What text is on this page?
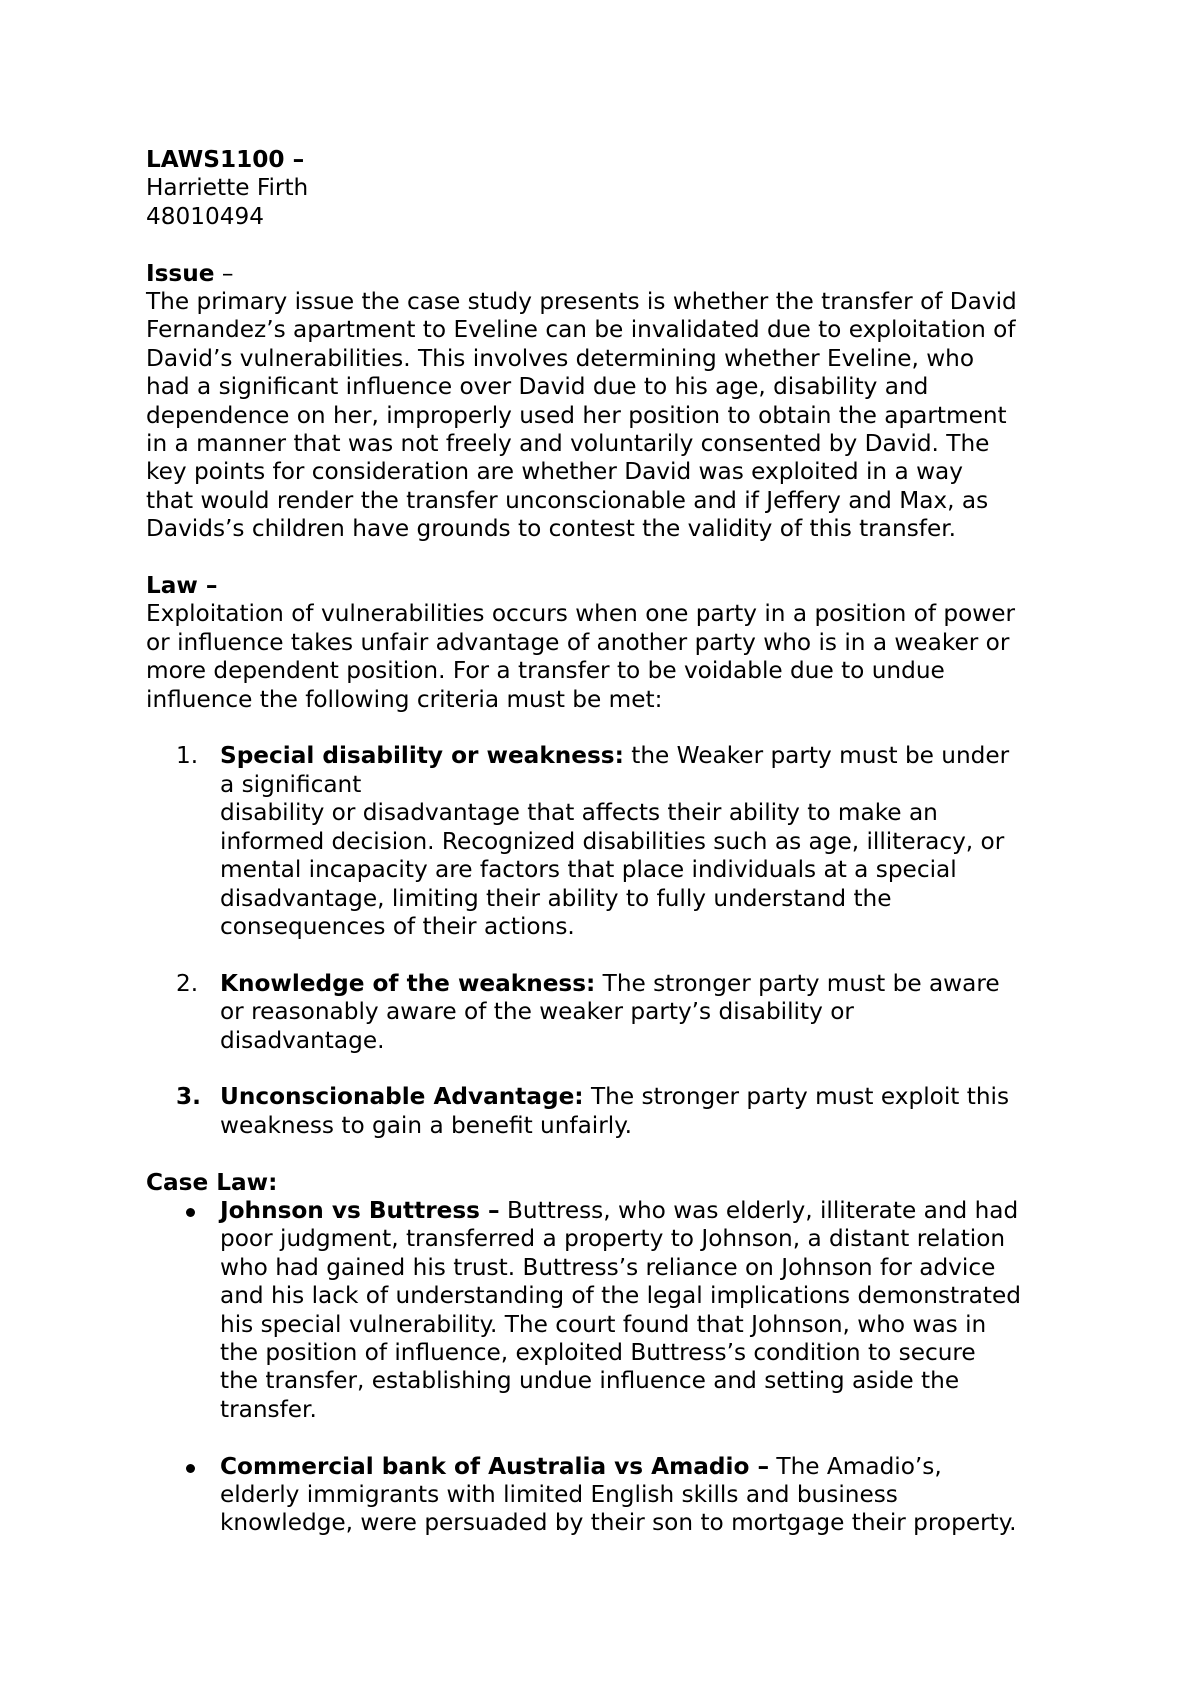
LAWS1100 –
Harriette Firth
48010494
Issue –
The primary issue the case study presents is whether the transfer of David
Fernandez’s apartment to Eveline can be invalidated due to exploitation of
David’s vulnerabilities. This involves determining whether Eveline, who
had a significant influence over David due to his age, disability and
dependence on her, improperly used her position to obtain the apartment
in a manner that was not freely and voluntarily consented by David. The
key points for consideration are whether David was exploited in a way
that would render the transfer unconscionable and if Jeffery and Max, as
Davids’s children have grounds to contest the validity of this transfer.
Law –
Exploitation of vulnerabilities occurs when one party in a position of power
or influence takes unfair advantage of another party who is in a weaker or
more dependent position. For a transfer to be voidable due to undue
influence the following criteria must be met:
1. Special disability or weakness: the Weaker party must be under
a significant
disability or disadvantage that affects their ability to make an
informed decision. Recognized disabilities such as age, illiteracy, or
mental incapacity are factors that place individuals at a special
disadvantage, limiting their ability to fully understand the
consequences of their actions.
2. Knowledge of the weakness: The stronger party must be aware
or reasonably aware of the weaker party’s disability or
disadvantage.
3. Unconscionable Advantage: The stronger party must exploit this
weakness to gain a benefit unfairly.
Case Law:
Johnson vs Buttress – Buttress, who was elderly, illiterate and had
poor judgment, transferred a property to Johnson, a distant relation
who had gained his trust. Buttress’s reliance on Johnson for advice
and his lack of understanding of the legal implications demonstrated
his special vulnerability. The court found that Johnson, who was in
the position of influence, exploited Buttress’s condition to secure
the transfer, establishing undue influence and setting aside the
transfer.
Commercial bank of Australia vs Amadio – The Amadio’s,
elderly immigrants with limited English skills and business
knowledge, were persuaded by their son to mortgage their property.
